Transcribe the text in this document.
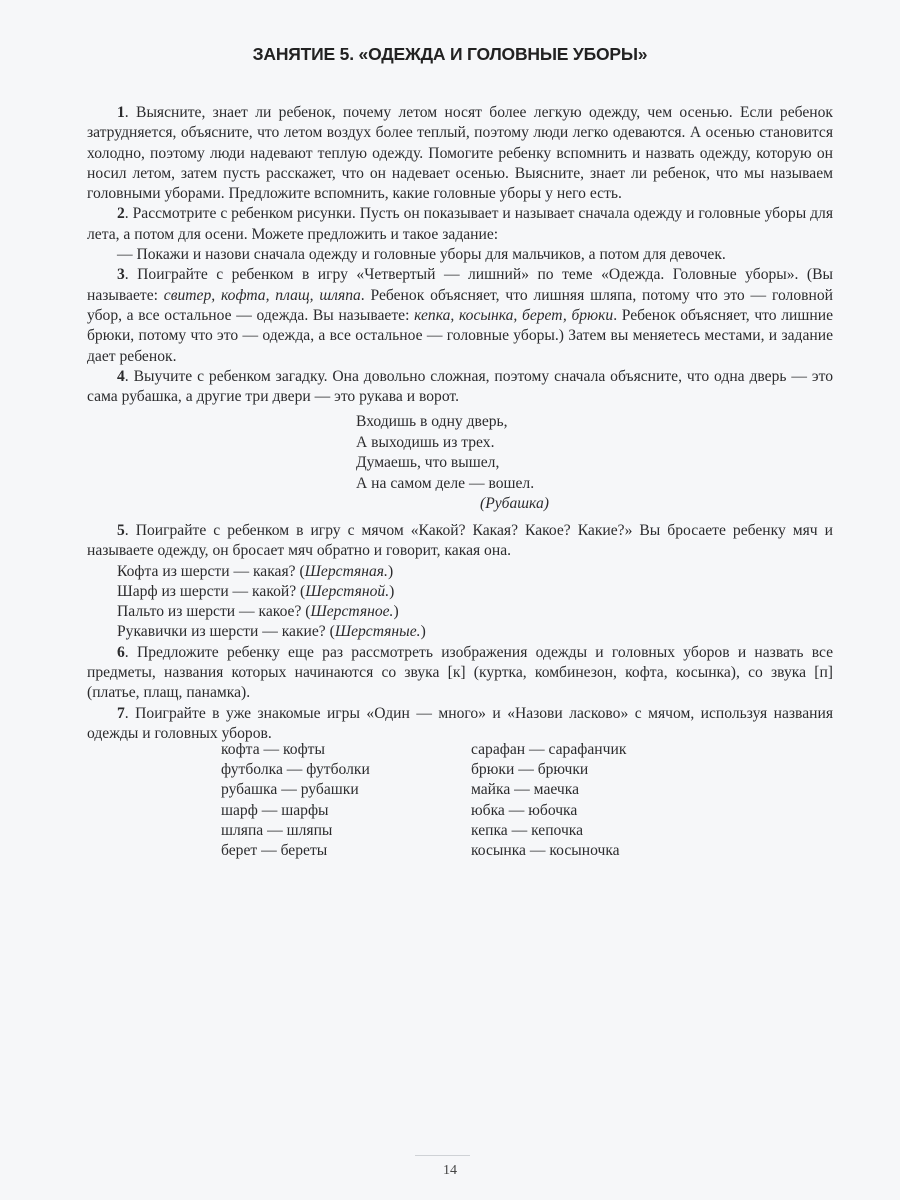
ЗАНЯТИЕ 5. «ОДЕЖДА И ГОЛОВНЫЕ УБОРЫ»

1. Выясните, знает ли ребенок, почему летом носят более легкую одежду, чем осенью. Если ребенок затрудняется, объясните, что летом воздух более теплый, поэтому люди легко одеваются. А осенью становится холодно, поэтому люди надевают теплую одежду. Помогите ребенку вспомнить и назвать одежду, которую он носил летом, затем пусть расскажет, что он надевает осенью. Выясните, знает ли ребенок, что мы называем головными уборами. Предложите вспомнить, какие головные уборы у него есть.

2. Рассмотрите с ребенком рисунки. Пусть он показывает и называет сначала одежду и головные уборы для лета, а потом для осени. Можете предложить и такое задание:

— Покажи и назови сначала одежду и головные уборы для мальчиков, а потом для девочек.

3. Поиграйте с ребенком в игру «Четвертый — лишний» по теме «Одежда. Головные уборы». (Вы называете: свитер, кофта, плащ, шляпа. Ребенок объясняет, что лишняя шляпа, потому что это — головной убор, а все остальное — одежда. Вы называете: кепка, косынка, берет, брюки. Ребенок объясняет, что лишние брюки, потому что это — одежда, а все остальное — головные уборы.) Затем вы меняетесь местами, и задание дает ребенок.

4. Выучите с ребенком загадку. Она довольно сложная, поэтому сначала объясните, что одна дверь — это сама рубашка, а другие три двери — это рукава и ворот.

Входишь в одну дверь,
А выходишь из трех.
Думаешь, что вышел,
А на самом деле — вошел.
(Рубашка)

5. Поиграйте с ребенком в игру с мячом «Какой? Какая? Какое? Какие?» Вы бросаете ребенку мяч и называете одежду, он бросает мяч обратно и говорит, какая она.

Кофта из шерсти — какая? (Шерстяная.)

Шарф из шерсти — какой? (Шерстяной.)

Пальто из шерсти — какое? (Шерстяное.)

Рукавички из шерсти — какие? (Шерстяные.)

6. Предложите ребенку еще раз рассмотреть изображения одежды и головных уборов и назвать все предметы, названия которых начинаются со звука [к] (куртка, комбинезон, кофта, косынка), со звука [п] (платье, плащ, панамка).

7. Поиграйте в уже знакомые игры «Один — много» и «Назови ласково» с мячом, используя названия одежды и головных уборов.

кофта — кофты
футболка — футболки
рубашка — рубашки
шарф — шарфы
шляпа — шляпы
берет — береты
сарафан — сарафанчик
брюки — брючки
майка — маечка
юбка — юбочка
кепка — кепочка
косынка — косыночка
14
